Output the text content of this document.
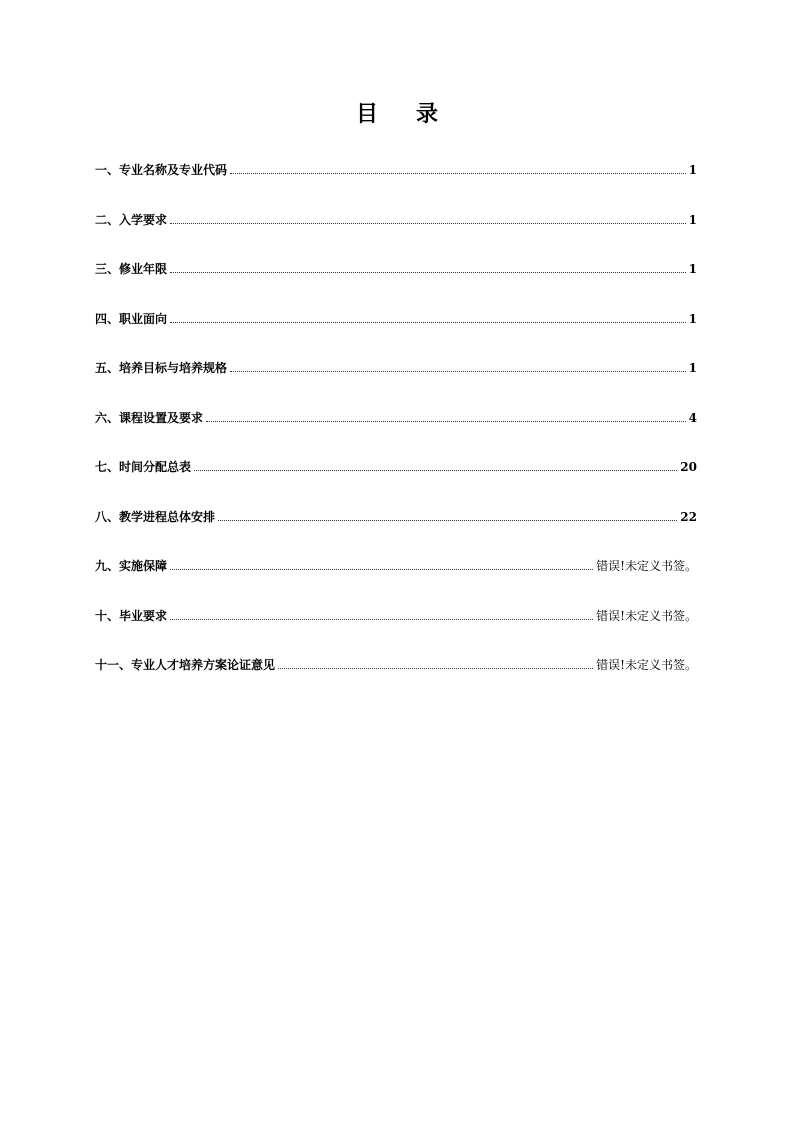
目录
一、专业名称及专业代码	1
二、入学要求	1
三、修业年限	1
四、职业面向	1
五、培养目标与培养规格	1
六、课程设置及要求	4
七、时间分配总表	20
八、教学进程总体安排	22
九、实施保障	错误!未定义书签。
十、毕业要求	错误!未定义书签。
十一、专业人才培养方案论证意见	错误!未定义书签。
